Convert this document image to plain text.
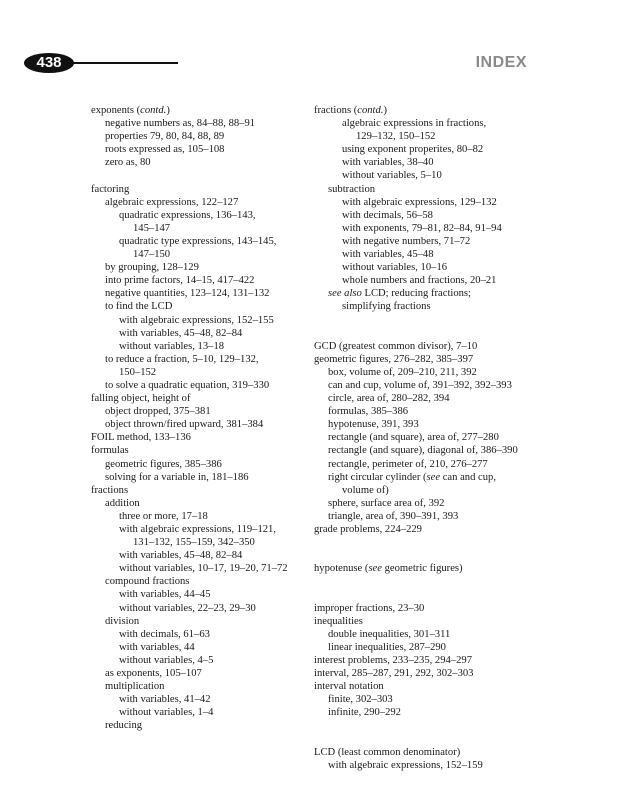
438	INDEX
exponents (contd.)
negative numbers as, 84–88, 88–91
properties 79, 80, 84, 88, 89
roots expressed as, 105–108
zero as, 80
factoring
algebraic expressions, 122–127
quadratic expressions, 136–143,
145–147
quadratic type expressions, 143–145,
147–150
by grouping, 128–129
into prime factors, 14–15, 417–422
negative quantities, 123–124, 131–132
to find the LCD
with algebraic expressions, 152–155
with variables, 45–48, 82–84
without variables, 13–18
to reduce a fraction, 5–10, 129–132,
150–152
to solve a quadratic equation, 319–330
falling object, height of
object dropped, 375–381
object thrown/fired upward, 381–384
FOIL method, 133–136
formulas
geometric figures, 385–386
solving for a variable in, 181–186
fractions
addition
three or more, 17–18
with algebraic expressions, 119–121,
131–132, 155–159, 342–350
with variables, 45–48, 82–84
without variables, 10–17, 19–20, 71–72
compound fractions
with variables, 44–45
without variables, 22–23, 29–30
division
with decimals, 61–63
with variables, 44
without variables, 4–5
as exponents, 105–107
multiplication
with variables, 41–42
without variables, 1–4
reducing
fractions (contd.)
algebraic expressions in fractions,
129–132, 150–152
using exponent properites, 80–82
with variables, 38–40
without variables, 5–10
subtraction
with algebraic expressions, 129–132
with decimals, 56–58
with exponents, 79–81, 82–84, 91–94
with negative numbers, 71–72
with variables, 45–48
without variables, 10–16
whole numbers and fractions, 20–21
see also LCD; reducing fractions;
simplifying fractions
GCD (greatest common divisor), 7–10
geometric figures, 276–282, 385–397
box, volume of, 209–210, 211, 392
can and cup, volume of, 391–392, 392–393
circle, area of, 280–282, 394
formulas, 385–386
hypotenuse, 391, 393
rectangle (and square), area of, 277–280
rectangle (and square), diagonal of, 386–390
rectangle, perimeter of, 210, 276–277
right circular cylinder (see can and cup,
volume of)
sphere, surface area of, 392
triangle, area of, 390–391, 393
grade problems, 224–229
hypotenuse (see geometric figures)
improper fractions, 23–30
inequalities
double inequalities, 301–311
linear inequalities, 287–290
interest problems, 233–235, 294–297
interval, 285–287, 291, 292, 302–303
interval notation
finite, 302–303
infinite, 290–292
LCD (least common denominator)
with algebraic expressions, 152–159
